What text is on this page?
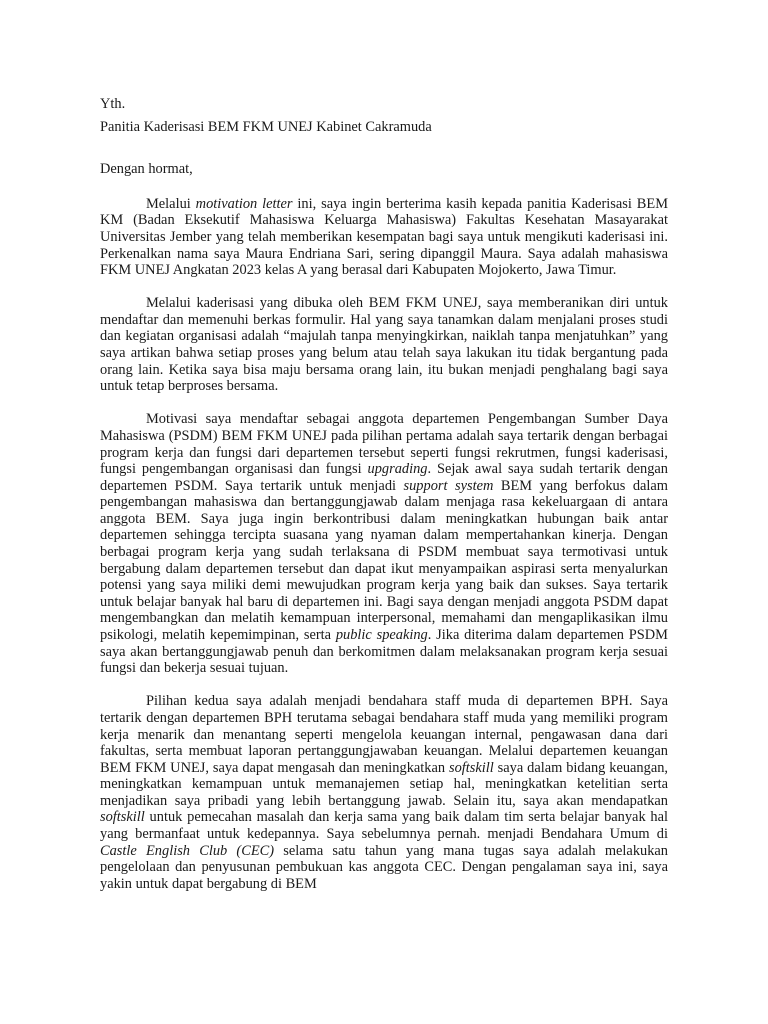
Yth.

Panitia Kaderisasi BEM FKM UNEJ Kabinet Cakramuda

Dengan hormat,

Melalui motivation letter ini, saya ingin berterima kasih kepada panitia Kaderisasi BEM KM (Badan Eksekutif Mahasiswa Keluarga Mahasiswa) Fakultas Kesehatan Masayarakat Universitas Jember yang telah memberikan kesempatan bagi saya untuk mengikuti kaderisasi ini. Perkenalkan nama saya Maura Endriana Sari, sering dipanggil Maura. Saya adalah mahasiswa FKM UNEJ Angkatan 2023 kelas A yang berasal dari Kabupaten Mojokerto, Jawa Timur.

Melalui kaderisasi yang dibuka oleh BEM FKM UNEJ, saya memberanikan diri untuk mendaftar dan memenuhi berkas formulir. Hal yang saya tanamkan dalam menjalani proses studi dan kegiatan organisasi adalah “majulah tanpa menyingkirkan, naiklah tanpa menjatuhkan” yang saya artikan bahwa setiap proses yang belum atau telah saya lakukan itu tidak bergantung pada orang lain. Ketika saya bisa maju bersama orang lain, itu bukan menjadi penghalang bagi saya untuk tetap berproses bersama.

Motivasi saya mendaftar sebagai anggota departemen Pengembangan Sumber Daya Mahasiswa (PSDM) BEM FKM UNEJ pada pilihan pertama adalah saya tertarik dengan berbagai program kerja dan fungsi dari departemen tersebut seperti fungsi rekrutmen, fungsi kaderisasi, fungsi pengembangan organisasi dan fungsi upgrading. Sejak awal saya sudah tertarik dengan departemen PSDM. Saya tertarik untuk menjadi support system BEM yang berfokus dalam pengembangan mahasiswa dan bertanggungjawab dalam menjaga rasa kekeluargaan di antara anggota BEM. Saya juga ingin berkontribusi dalam meningkatkan hubungan baik antar departemen sehingga tercipta suasana yang nyaman dalam mempertahankan kinerja. Dengan berbagai program kerja yang sudah terlaksana di PSDM membuat saya termotivasi untuk bergabung dalam departemen tersebut dan dapat ikut menyampaikan aspirasi serta menyalurkan potensi yang saya miliki demi mewujudkan program kerja yang baik dan sukses. Saya tertarik untuk belajar banyak hal baru di departemen ini. Bagi saya dengan menjadi anggota PSDM dapat mengembangkan dan melatih kemampuan interpersonal, memahami dan mengaplikasikan ilmu psikologi, melatih kepemimpinan, serta public speaking. Jika diterima dalam departemen PSDM saya akan bertanggungjawab penuh dan berkomitmen dalam melaksanakan program kerja sesuai fungsi dan bekerja sesuai tujuan.

Pilihan kedua saya adalah menjadi bendahara staff muda di departemen BPH. Saya tertarik dengan departemen BPH terutama sebagai bendahara staff muda yang memiliki program kerja menarik dan menantang seperti mengelola keuangan internal, pengawasan dana dari fakultas, serta membuat laporan pertanggungjawaban keuangan. Melalui departemen keuangan BEM FKM UNEJ, saya dapat mengasah dan meningkatkan softskill saya dalam bidang keuangan, meningkatkan kemampuan untuk memanajemen setiap hal, meningkatkan ketelitian serta menjadikan saya pribadi yang lebih bertanggung jawab. Selain itu, saya akan mendapatkan softskill untuk pemecahan masalah dan kerja sama yang baik dalam tim serta belajar banyak hal yang bermanfaat untuk kedepannya. Saya sebelumnya pernah. menjadi Bendahara Umum di Castle English Club (CEC) selama satu tahun yang mana tugas saya adalah melakukan pengelolaan dan penyusunan pembukuan kas anggota CEC. Dengan pengalaman saya ini, saya yakin untuk dapat bergabung di BEM
